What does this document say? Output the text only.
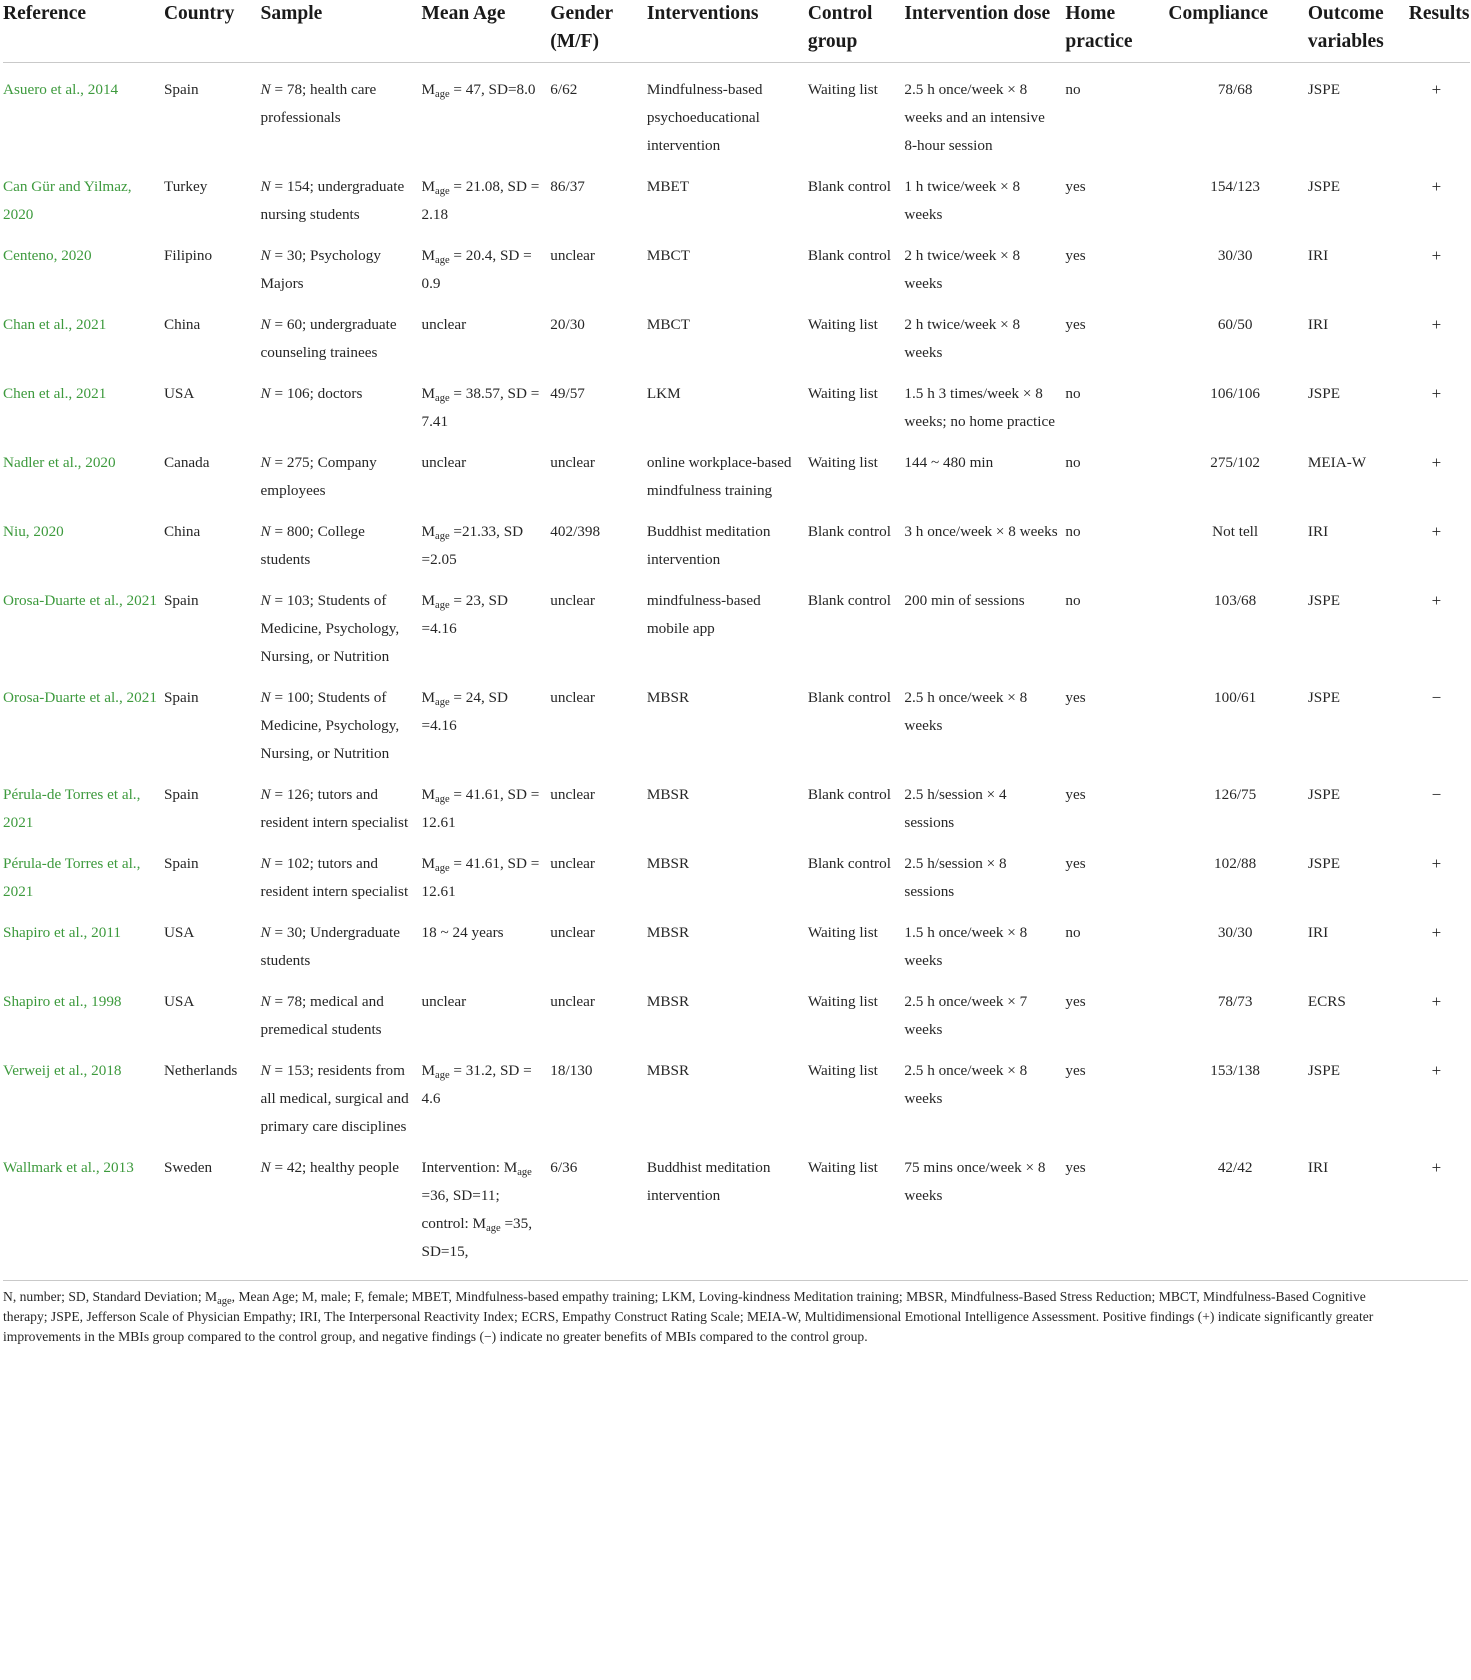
Reference	Country	Sample	Mean Age	Gender (M/F)	Interventions	Control group	Intervention dose	Home practice	Compliance	Outcome variables	Results
Asuero et al., 2014	Spain	N = 78; health care professionals	$M_{age} = 47$, SD=8.0	6/62	Mindfulness-based psychoeducational intervention	Waiting list	2.5 h once/week × 8 weeks and an intensive 8-hour session	no	78/68	JSPE	+
Can Gür and Yilmaz, 2020	Turkey	N = 154; undergraduate nursing students	$M_{age} = 21.08$, SD = 2.18	86/37	MBET	Blank control	1 h twice/week × 8 weeks	yes	154/123	JSPE	+
Centeno, 2020	Filipino	N = 30; Psychology Majors	$M_{age} = 20.4$, SD = 0.9	unclear	MBCT	Blank control	2 h twice/week × 8 weeks	yes	30/30	IRI	+
Chan et al., 2021	China	N = 60; undergraduate counseling trainees	unclear	20/30	MBCT	Waiting list	2 h twice/week × 8 weeks	yes	60/50	IRI	+
Chen et al., 2021	USA	N = 106; doctors	$M_{age} = 38.57$, SD = 7.41	49/57	LKM	Waiting list	1.5 h 3 times/week × 8 weeks; no home practice	no	106/106	JSPE	+
Nadler et al., 2020	Canada	N = 275; Company employees	unclear	unclear	online workplace-based mindfulness training	Waiting list	144 ~ 480 min	no	275/102	MEIA-W	+
Niu, 2020	China	N = 800; College students	$M_{age} =21.33$, SD =2.05	402/398	Buddhist meditation intervention	Blank control	3 h once/week × 8 weeks	no	Not tell	IRI	+
Orosa-Duarte et al., 2021	Spain	N = 103; Students of Medicine, Psychology, Nursing, or Nutrition	$M_{age} = 23$, SD =4.16	unclear	mindfulness-based mobile app	Blank control	200 min of sessions	no	103/68	JSPE	+
Orosa-Duarte et al., 2021	Spain	N = 100; Students of Medicine, Psychology, Nursing, or Nutrition	$M_{age} = 24$, SD =4.16	unclear	MBSR	Blank control	2.5 h once/week × 8 weeks	yes	100/61	JSPE	−
Pérula-de Torres et al., 2021	Spain	N = 126; tutors and resident intern specialist	$M_{age} = 41.61$, SD = 12.61	unclear	MBSR	Blank control	2.5 h/session × 4 sessions	yes	126/75	JSPE	−
Pérula-de Torres et al., 2021	Spain	N = 102; tutors and resident intern specialist	$M_{age} = 41.61$, SD = 12.61	unclear	MBSR	Blank control	2.5 h/session × 8 sessions	yes	102/88	JSPE	+
Shapiro et al., 2011	USA	N = 30; Undergraduate students	18 ~ 24 years	unclear	MBSR	Waiting list	1.5 h once/week × 8 weeks	no	30/30	IRI	+
Shapiro et al., 1998	USA	N = 78; medical and premedical students	unclear	unclear	MBSR	Waiting list	2.5 h once/week × 7 weeks	yes	78/73	ECRS	+
Verweij et al., 2018	Netherlands	N = 153; residents from all medical, surgical and primary care disciplines	$M_{age} = 31.2$, SD = 4.6	18/130	MBSR	Waiting list	2.5 h once/week × 8 weeks	yes	153/138	JSPE	+
Wallmark et al., 2013	Sweden	N = 42; healthy people	Intervention: $M_{age} =36$, SD=11; control: $M_{age} =35$, SD=15,	6/36	Buddhist meditation intervention	Waiting list	75 mins once/week × 8 weeks	yes	42/42	IRI	+
N, number; SD, Standard Deviation; $M_{age}$, Mean Age; M, male; F, female; MBET, Mindfulness-based empathy training; LKM, Loving-kindness Meditation training; MBSR, Mindfulness-Based Stress Reduction; MBCT, Mindfulness-Based Cognitive
therapy; JSPE, Jefferson Scale of Physician Empathy; IRI, The Interpersonal Reactivity Index; ECRS, Empathy Construct Rating Scale; MEIA-W, Multidimensional Emotional Intelligence Assessment. Positive findings (+) indicate significantly greater
improvements in the MBIs group compared to the control group, and negative findings (−) indicate no greater benefits of MBIs compared to the control group.
